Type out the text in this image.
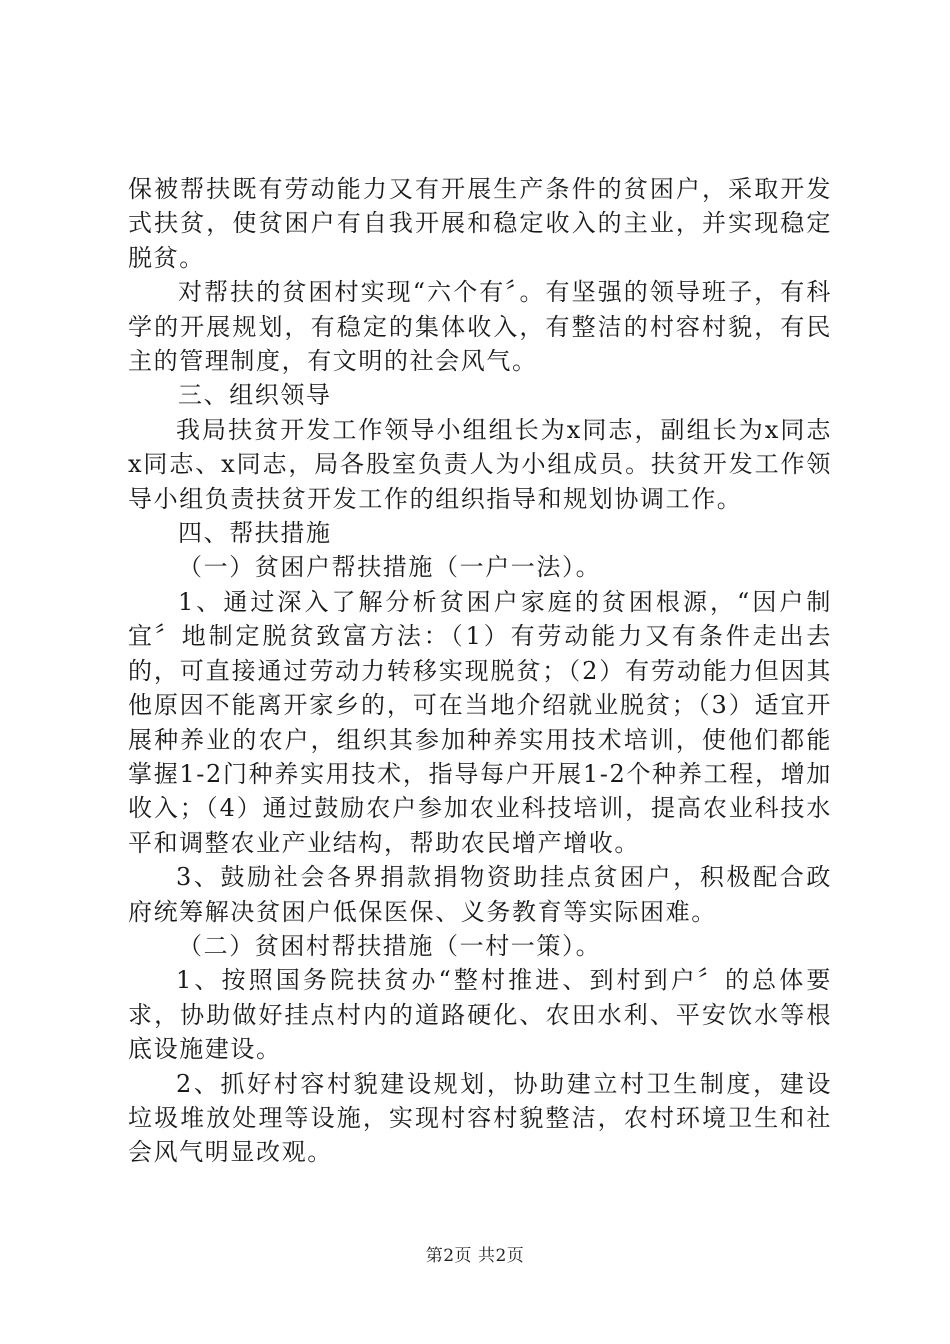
保被帮扶既有劳动能力又有开展生产条件的贫困户，采取开发式扶贫，使贫困户有自我开展和稳定收入的主业，并实现稳定脱贫。

对帮扶的贫困村实现“六个有〞。有坚强的领导班子，有科学的开展规划，有稳定的集体收入，有整洁的村容村貌，有民主的管理制度，有文明的社会风气。

三、组织领导

我局扶贫开发工作领导小组组长为x同志，副组长为x同志x同志、x同志，局各股室负责人为小组成员。扶贫开发工作领导小组负责扶贫开发工作的组织指导和规划协调工作。

四、帮扶措施

（一）贫困户帮扶措施（一户一法）。

1、通过深入了解分析贫困户家庭的贫困根源，“因户制宜〞地制定脱贫致富方法：（1）有劳动能力又有条件走出去的，可直接通过劳动力转移实现脱贫；（2）有劳动能力但因其他原因不能离开家乡的，可在当地介绍就业脱贫；（3）适宜开展种养业的农户，组织其参加种养实用技术培训，使他们都能掌握1-2门种养实用技术，指导每户开展1-2个种养工程，增加收入；（4）通过鼓励农户参加农业科技培训，提高农业科技水平和调整农业产业结构，帮助农民增产增收。

3、鼓励社会各界捐款捐物资助挂点贫困户，积极配合政府统筹解决贫困户低保医保、义务教育等实际困难。

（二）贫困村帮扶措施（一村一策）。

1、按照国务院扶贫办“整村推进、到村到户〞的总体要求，协助做好挂点村内的道路硬化、农田水利、平安饮水等根底设施建设。

2、抓好村容村貌建设规划，协助建立村卫生制度，建设垃圾堆放处理等设施，实现村容村貌整洁，农村环境卫生和社会风气明显改观。

第2页 共2页
